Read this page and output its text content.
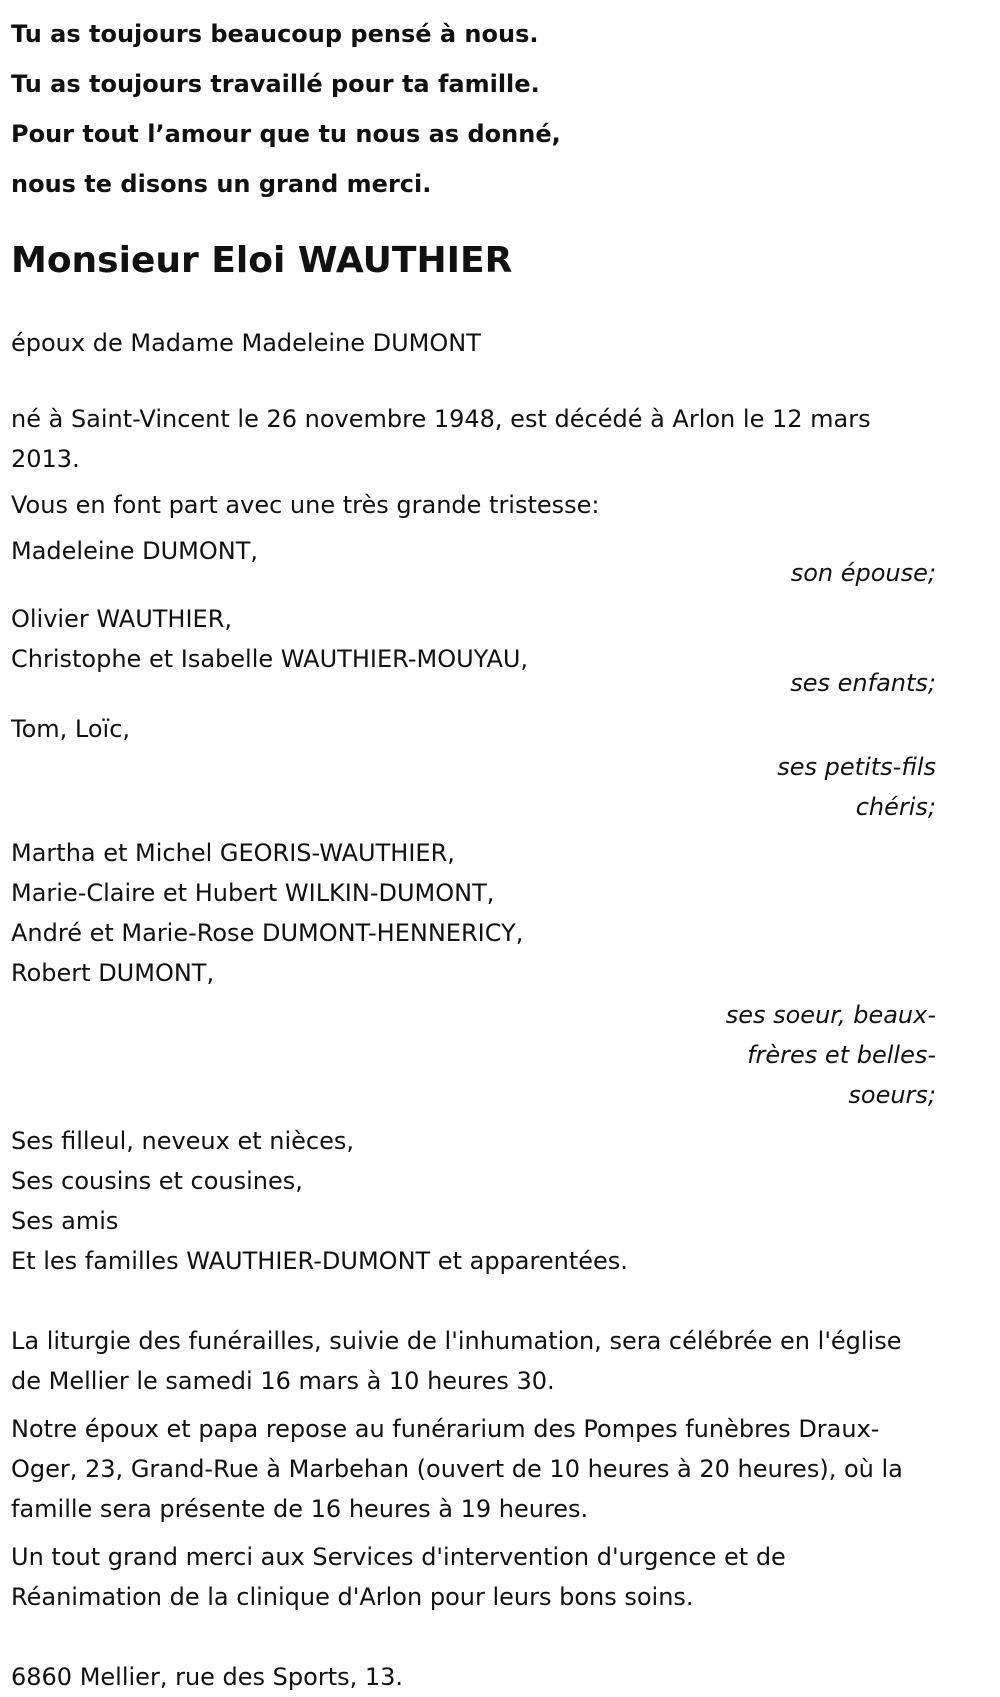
Tu as toujours beaucoup pensé à nous.

Tu as toujours travaillé pour ta famille.

Pour tout l’amour que tu nous as donné,

nous te disons un grand merci.

Monsieur Eloi WAUTHIER

époux de Madame Madeleine DUMONT

né à Saint-Vincent le 26 novembre 1948, est décédé à Arlon le 12 mars 2013.

Vous en font part avec une très grande tristesse:

Madeleine DUMONT,

son épouse;

Olivier WAUTHIER,

Christophe et Isabelle WAUTHIER-MOUYAU,

ses enfants;

Tom, Loïc,

ses petits-fils chéris;

Martha et Michel GEORIS-WAUTHIER,

Marie-Claire et Hubert WILKIN-DUMONT,

André et Marie-Rose DUMONT-HENNERICY,

Robert DUMONT,

ses soeur, beaux-frères et belles-soeurs;

Ses filleul, neveux et nièces,

Ses cousins et cousines,

Ses amis

Et les familles WAUTHIER-DUMONT et apparentées.

La liturgie des funérailles, suivie de l'inhumation, sera célébrée en l'église de Mellier le samedi 16 mars à 10 heures 30.

Notre époux et papa repose au funérarium des Pompes funèbres Draux-Oger, 23, Grand-Rue à Marbehan (ouvert de 10 heures à 20 heures), où la famille sera présente de 16 heures à 19 heures.

Un tout grand merci aux Services d'intervention d'urgence et de Réanimation de la clinique d'Arlon pour leurs bons soins.

6860 Mellier, rue des Sports, 13.
